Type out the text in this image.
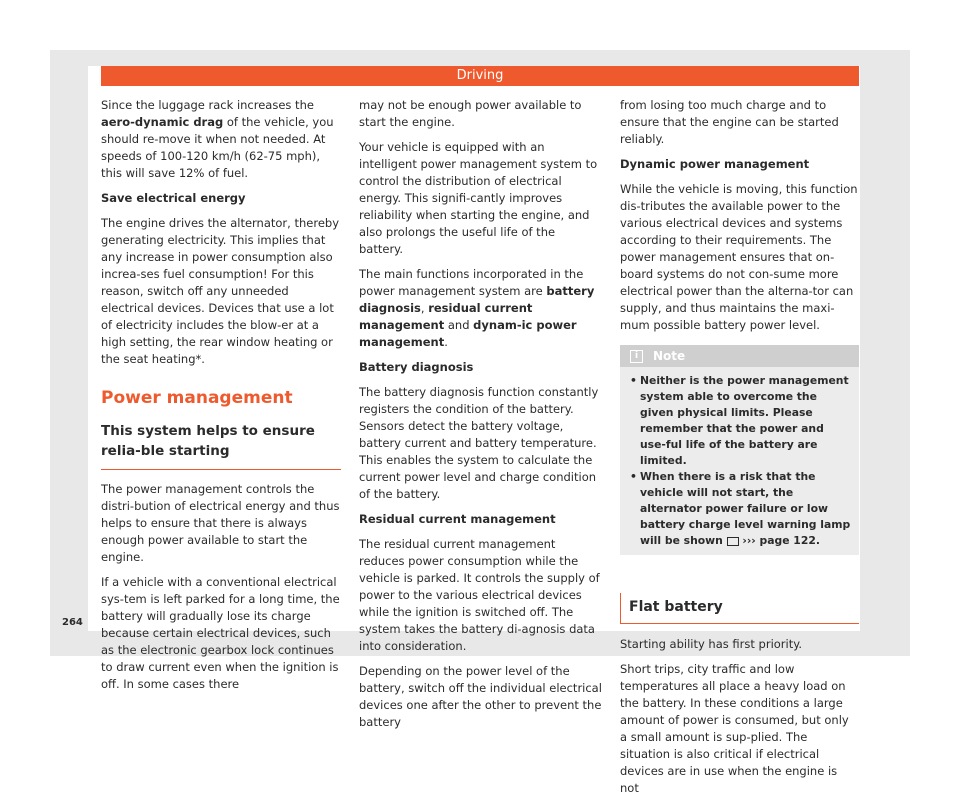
Driving

Since the luggage rack increases the aero-dynamic drag of the vehicle, you should re-move it when not needed. At speeds of 100-120 km/h (62-75 mph), this will save 12% of fuel.

Save electrical energy

The engine drives the alternator, thereby generating electricity. This implies that any increase in power consumption also increa-ses fuel consumption! For this reason, switch off any unneeded electrical devices. Devices that use a lot of electricity includes the blow-er at a high setting, the rear window heating or the seat heating*.

Power management
This system helps to ensure relia-ble starting

The power management controls the distri-bution of electrical energy and thus helps to ensure that there is always enough power available to start the engine.

If a vehicle with a conventional electrical sys-tem is left parked for a long time, the battery will gradually lose its charge because certain electrical devices, such as the electronic gearbox lock continues to draw current even when the ignition is off. In some cases there

may not be enough power available to start the engine.

Your vehicle is equipped with an intelligent power management system to control the distribution of electrical energy. This signifi-cantly improves reliability when starting the engine, and also prolongs the useful life of the battery.

The main functions incorporated in the power management system are battery diagnosis, residual current management and dynam-ic power management.

Battery diagnosis

The battery diagnosis function constantly registers the condition of the battery. Sensors detect the battery voltage, battery current and battery temperature. This enables the system to calculate the current power level and charge condition of the battery.

Residual current management

The residual current management reduces power consumption while the vehicle is parked. It controls the supply of power to the various electrical devices while the ignition is switched off. The system takes the battery di-agnosis data into consideration.

Depending on the power level of the battery, switch off the individual electrical devices one after the other to prevent the battery

from losing too much charge and to ensure that the engine can be started reliably.

Dynamic power management

While the vehicle is moving, this function dis-tributes the available power to the various electrical devices and systems according to their requirements. The power management ensures that on-board systems do not con-sume more electrical power than the alterna-tor can supply, and thus maintains the maxi-mum possible battery power level.

i Note
• Neither is the power management system able to overcome the given physical limits. Please remember that the power and use-ful life of the battery are limited.
• When there is a risk that the vehicle will not start, the alternator power failure or low battery charge level warning lamp will be shown  ››› page 122.
Flat battery

Starting ability has first priority.

Short trips, city traffic and low temperatures all place a heavy load on the battery. In these conditions a large amount of power is consumed, but only a small amount is sup-plied. The situation is also critical if electrical devices are in use when the engine is not

264
